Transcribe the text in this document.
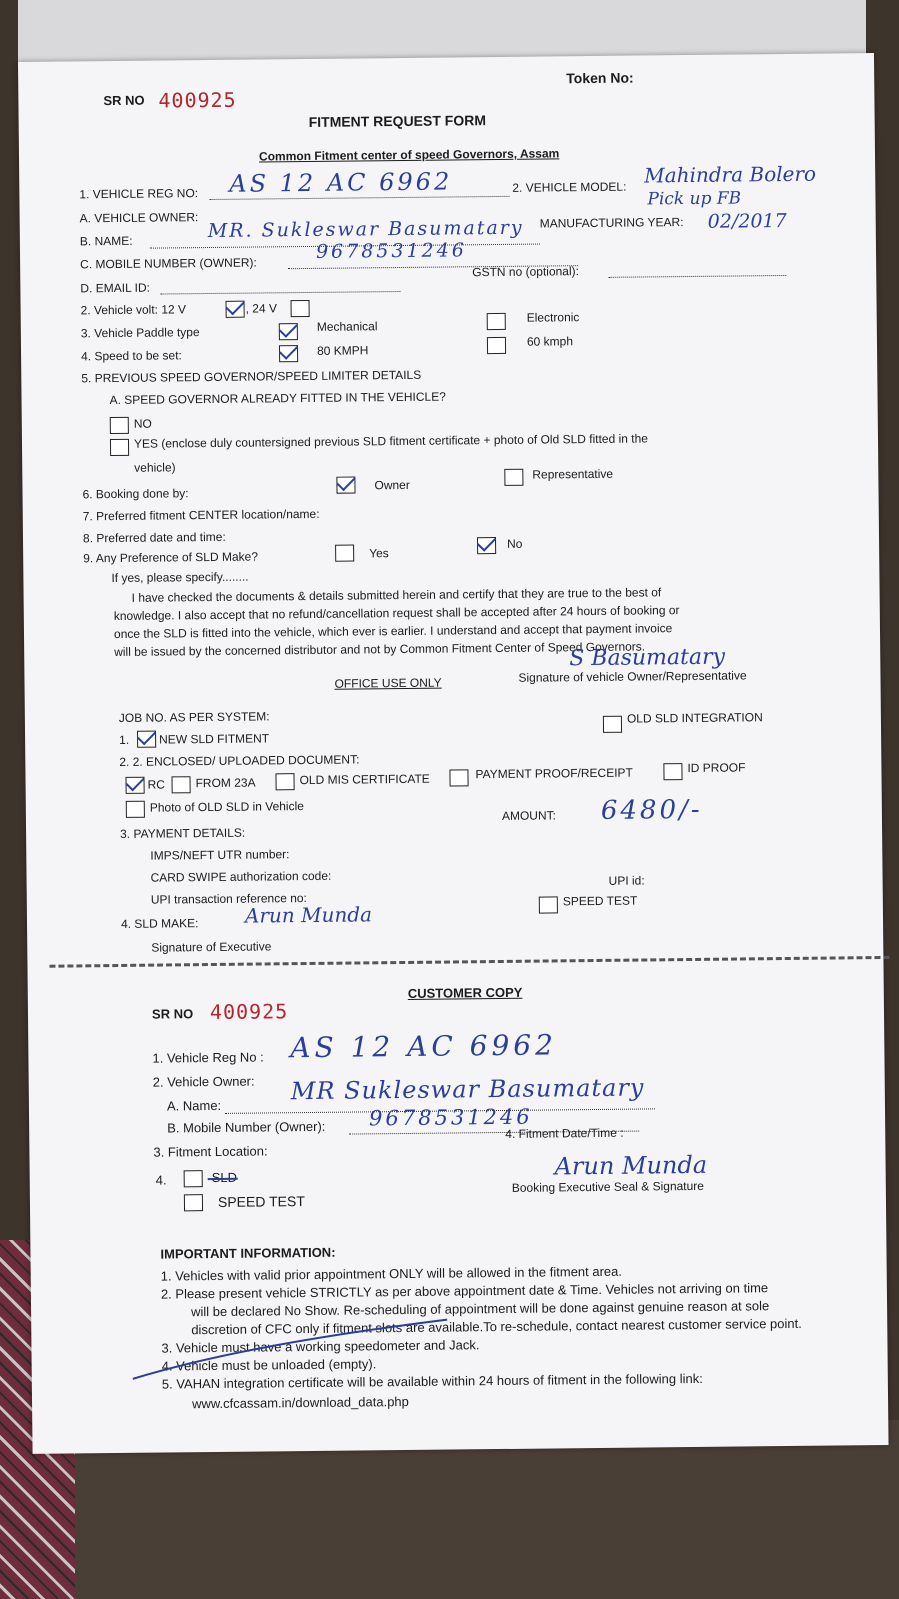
SR NO 400925
Token No:
FITMENT REQUEST FORM
Common Fitment center of speed Governors, Assam
1. VEHICLE REG NO: AS 12 AC 6962	2. VEHICLE MODEL: Mahindra Bolero
Pick up FB
A. VEHICLE OWNER:
B. NAME:	MR. Sukleswar Basumatary MANUFACTURING YEAR: 02/2017
C. MOBILE NUMBER (OWNER):
9678531246
D. EMAIL ID:
GSTN no (optional):
2. Vehicle volt: 12 V	, 24 V
3. Vehicle Paddle type	Mechanical
Electronic
4. Speed to be set:	80 KMPH
60 kmph
5. PREVIOUS SPEED GOVERNOR/SPEED LIMITER DETAILS
A. SPEED GOVERNOR ALREADY FITTED IN THE VEHICLE?
NO
YES (enclose duly countersigned previous SLD fitment certificate + photo of Old SLD fitted in the
vehicle)
6. Booking done by:
Owner
Representative
7. Preferred fitment CENTER location/name:
8. Preferred date and time:
9. Any Preference of SLD Make?	Yes
No
If yes, please specify........
I have checked the documents & details submitted herein and certify that they are true to the best of
knowledge. I also accept that no refund/cancellation request shall be accepted after 24 hours of booking or
once the SLD is fitted into the vehicle, which ever is earlier. I understand and accept that payment invoice
will be issued by the concerned distributor and not by Common Fitment Center of Speed Governors.
OFFICE USE ONLY
S Basumatary
Signature of vehicle Owner/Representative
JOB NO. AS PER SYSTEM:
1. NEW SLD FITMENT
OLD SLD INTEGRATION
2. 2. ENCLOSED/ UPLOADED DOCUMENT:
RC	FROM 23A	OLD MIS CERTIFICATE	PAYMENT PROOF/RECEIPT	ID PROOF
Photo of OLD SLD in Vehicle
AMOUNT: 6480/-
3. PAYMENT DETAILS:
IMPS/NEFT UTR number:
CARD SWIPE authorization code:	UPI id:
UPI transaction reference no:	SPEED TEST
4. SLD MAKE: Arun Munda
Signature of Executive
SR NO 400925
CUSTOMER COPY
1. Vehicle Reg No : AS 12 AC 6962
2. Vehicle Owner:
A. Name:
MR Sukleswar Basumatary
B. Mobile Number (Owner): 9678531246
3. Fitment Location:
4. Fitment Date/Time :
4.	SLD
SPEED TEST
Arun Munda
Booking Executive Seal & Signature
IMPORTANT INFORMATION:
1. Vehicles with valid prior appointment ONLY will be allowed in the fitment area.
2. Please present vehicle STRICTLY as per above appointment date & Time. Vehicles not arriving on time
will be declared No Show. Re-scheduling of appointment will be done against genuine reason at sole
discretion of CFC only if fitment slots are available.To re-schedule, contact nearest customer service point.
3. Vehicle must have a working speedometer and Jack.
4. Vehicle must be unloaded (empty).
5. VAHAN integration certificate will be available within 24 hours of fitment in the following link:
www.cfcassam.in/download_data.php
